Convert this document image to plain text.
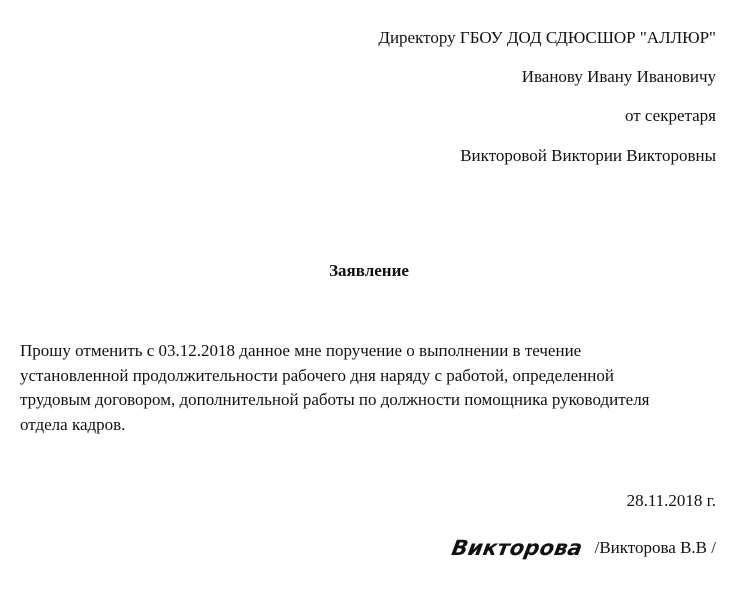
Директору ГБОУ ДОД СДЮСШОР "АЛЛЮР"
Иванову Ивану Ивановичу
от секретаря
Викторовой Виктории Викторовны
Заявление
Прошу отменить с 03.12.2018 данное мне поручение о выполнении в течение
установленной продолжительности рабочего дня наряду с работой, определенной
трудовым договором, дополнительной работы по должности помощника руководителя
отдела кадров.
28.11.2018 г.
Викторова /Викторова В.В /
